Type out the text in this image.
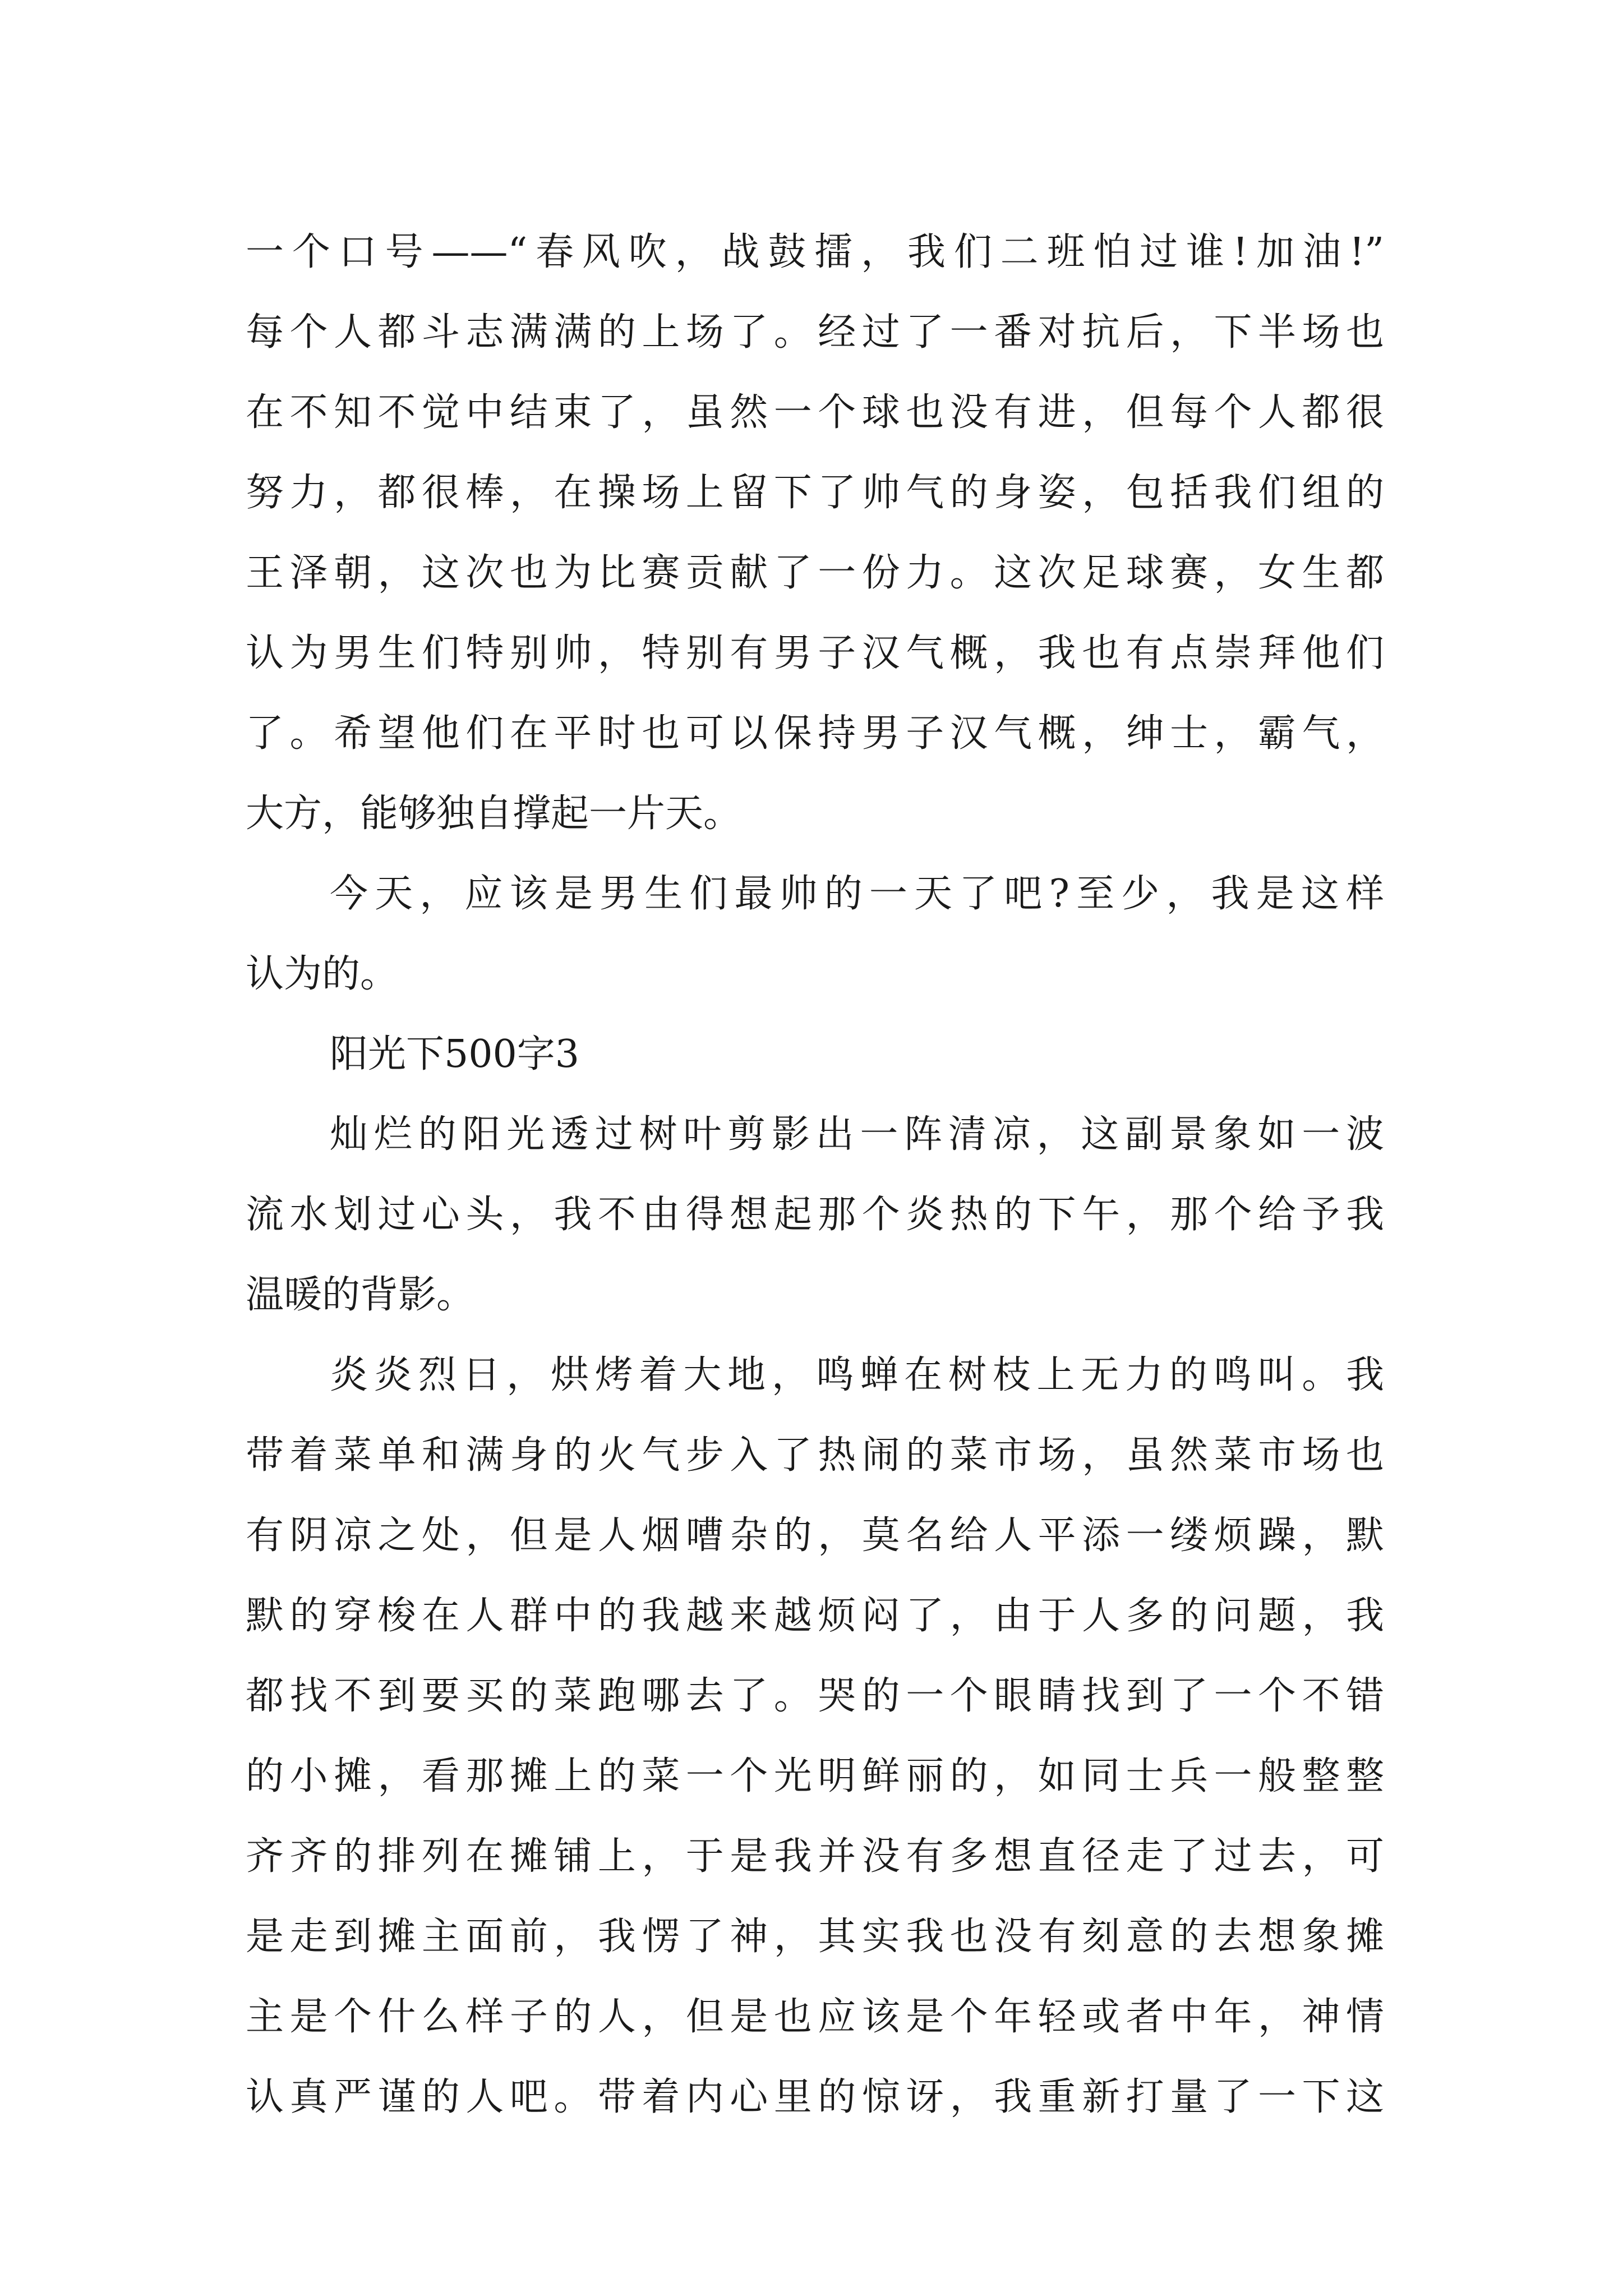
一个口号——“春风吹，战鼓擂，我们二班怕过谁!加油!”
每个人都斗志满满的上场了。经过了一番对抗后，下半场也
在不知不觉中结束了，虽然一个球也没有进，但每个人都很
努力，都很棒，在操场上留下了帅气的身姿，包括我们组的
王泽朝，这次也为比赛贡献了一份力。这次足球赛，女生都
认为男生们特别帅，特别有男子汉气概，我也有点崇拜他们
了。希望他们在平时也可以保持男子汉气概，绅士，霸气，
大方，能够独自撑起一片天。
今天，应该是男生们最帅的一天了吧?至少，我是这样
认为的。
阳光下500字3
灿烂的阳光透过树叶剪影出一阵清凉，这副景象如一波
流水划过心头，我不由得想起那个炎热的下午，那个给予我
温暖的背影。
炎炎烈日，烘烤着大地，鸣蝉在树枝上无力的鸣叫。我
带着菜单和满身的火气步入了热闹的菜市场，虽然菜市场也
有阴凉之处，但是人烟嘈杂的，莫名给人平添一缕烦躁，默
默的穿梭在人群中的我越来越烦闷了，由于人多的问题，我
都找不到要买的菜跑哪去了。哭的一个眼睛找到了一个不错
的小摊，看那摊上的菜一个光明鲜丽的，如同士兵一般整整
齐齐的排列在摊铺上，于是我并没有多想直径走了过去，可
是走到摊主面前，我愣了神，其实我也没有刻意的去想象摊
主是个什么样子的人，但是也应该是个年轻或者中年，神情
认真严谨的人吧。带着内心里的惊讶，我重新打量了一下这
